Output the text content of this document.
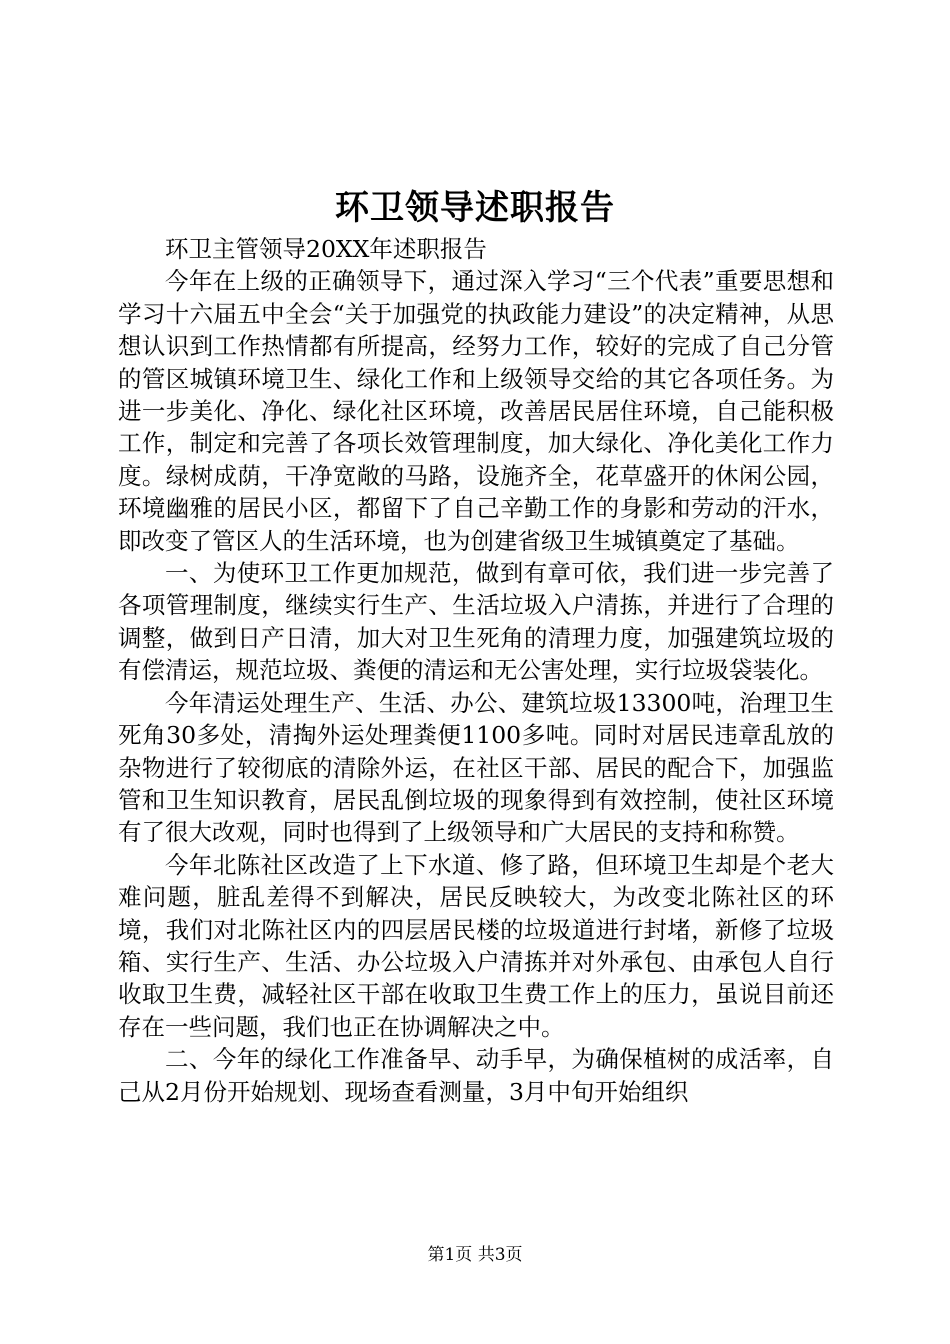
环卫领导述职报告

环卫主管领导20XX年述职报告

今年在上级的正确领导下，通过深入学习“三个代表”重要思想和学习十六届五中全会“关于加强党的执政能力建设”的决定精神，从思想认识到工作热情都有所提高，经努力工作，较好的完成了自己分管的管区城镇环境卫生、绿化工作和上级领导交给的其它各项任务。为进一步美化、净化、绿化社区环境，改善居民居住环境，自己能积极工作，制定和完善了各项长效管理制度，加大绿化、净化美化工作力度。绿树成荫，干净宽敞的马路，设施齐全，花草盛开的休闲公园，环境幽雅的居民小区，都留下了自己辛勤工作的身影和劳动的汗水，即改变了管区人的生活环境，也为创建省级卫生城镇奠定了基础。

一、为使环卫工作更加规范，做到有章可依，我们进一步完善了各项管理制度，继续实行生产、生活垃圾入户清拣，并进行了合理的调整，做到日产日清，加大对卫生死角的清理力度，加强建筑垃圾的有偿清运，规范垃圾、粪便的清运和无公害处理，实行垃圾袋装化。

今年清运处理生产、生活、办公、建筑垃圾13300吨，治理卫生死角30多处，清掏外运处理粪便1100多吨。同时对居民违章乱放的杂物进行了较彻底的清除外运，在社区干部、居民的配合下，加强监管和卫生知识教育，居民乱倒垃圾的现象得到有效控制，使社区环境有了很大改观，同时也得到了上级领导和广大居民的支持和称赞。

今年北陈社区改造了上下水道、修了路，但环境卫生却是个老大难问题，脏乱差得不到解决，居民反映较大，为改变北陈社区的环境，我们对北陈社区内的四层居民楼的垃圾道进行封堵，新修了垃圾箱、实行生产、生活、办公垃圾入户清拣并对外承包、由承包人自行收取卫生费，减轻社区干部在收取卫生费工作上的压力，虽说目前还存在一些问题，我们也正在协调解决之中。

二、今年的绿化工作准备早、动手早，为确保植树的成活率，自己从2月份开始规划、现场查看测量，3月中旬开始组织

第1页 共3页
